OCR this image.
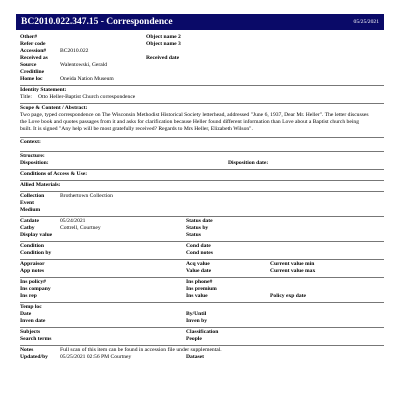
BC2010.022.347.15 - Correspondence	05/25/2021
Other#	Object name 2
Refer code	Object name 3
Accession#	BC2010.022
Received as	Received date
Source	Walentowski, Gerald
Creditline
Home loc	Oneida Nation Museum
Identity Statement:
Title:	Otto Heller-Baptist Church correspondence
Scope & Content / Abstract:
Two page, typed correspondence on The Wisconsin Methodist Historical Society letterhead, addressed "June 6, 1937, Dear Mr. Heller". The letter discusses the Love book and quotes passages from it and asks for clarification because Heller found different information than Love about a Baptist church being built. It is signed "Any help will be most gratefully received? Regards to Mrs Heller, Elizabeth Wilson".
Context:
Structure:
Disposition:	Disposition date:
Conditions of Access & Use:
Allied Materials:
Collection	Brothertown Collection
Event
Medium
Catdate	05/24/2021	Status date
Catby	Cottrell, Courtney	Status by
Display value	Status
Condition	Cond date
Condition by	Cond notes
Appraisor	Acq value	Current value min
App notes	Value date	Current value max
Ins policy#	Ins phone#
Ins company	Ins premium
Ins rep	Ins value	Policy exp date
Temp loc
Date	By/Until
Inven date	Inven by
Subjects	Classification
Search terms	People
Notes	Full scan of this item can be found in accession file under supplemental.
Updated/by	05/25/2021 02:56 PM Courtney	Dataset
